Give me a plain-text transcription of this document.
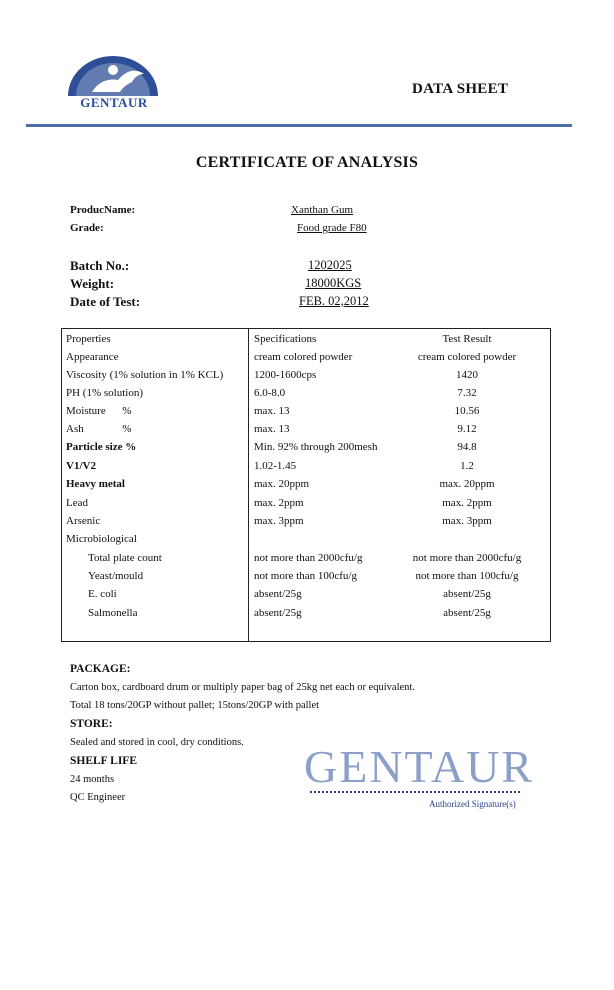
GENTAUR
DATA SHEET
CERTIFICATE OF ANALYSIS
ProducName:	Xanthan Gum
Grade:	Food grade F80
Batch No.:	1202025
Weight:	18000KGS
Date of Test:	FEB. 02,2012
Properties	Specifications	Test Result
Appearance	cream colored powder	cream colored powder
Viscosity (1% solution in 1% KCL)	1200-1600cps	1420
PH (1% solution)	6.0-8.0	7.32
Moisture      %	max. 13	10.56
Ash              %	max. 13	9.12
Particle size %	Min. 92% through 200mesh	94.8
V1/V2	1.02-1.45	1.2
Heavy metal	max. 20ppm	max. 20ppm
Lead	max. 2ppm	max. 2ppm
Arsenic	max. 3ppm	max. 3ppm
Microbiological
Total plate count	not more than 2000cfu/g	not more than 2000cfu/g
Yeast/mould	not more than 100cfu/g	not more than 100cfu/g
E. coli	absent/25g	absent/25g
Salmonella	absent/25g	absent/25g
PACKAGE:
Carton box, cardboard drum or multiply paper bag of 25kg net each or equivalent.
Total 18 tons/20GP without pallet; 15tons/20GP with pallet
STORE:
Sealed and stored in cool, dry conditions.
SHELF LIFE
24 months
QC Engineer
GENTAUR
Authorized Signature(s)
